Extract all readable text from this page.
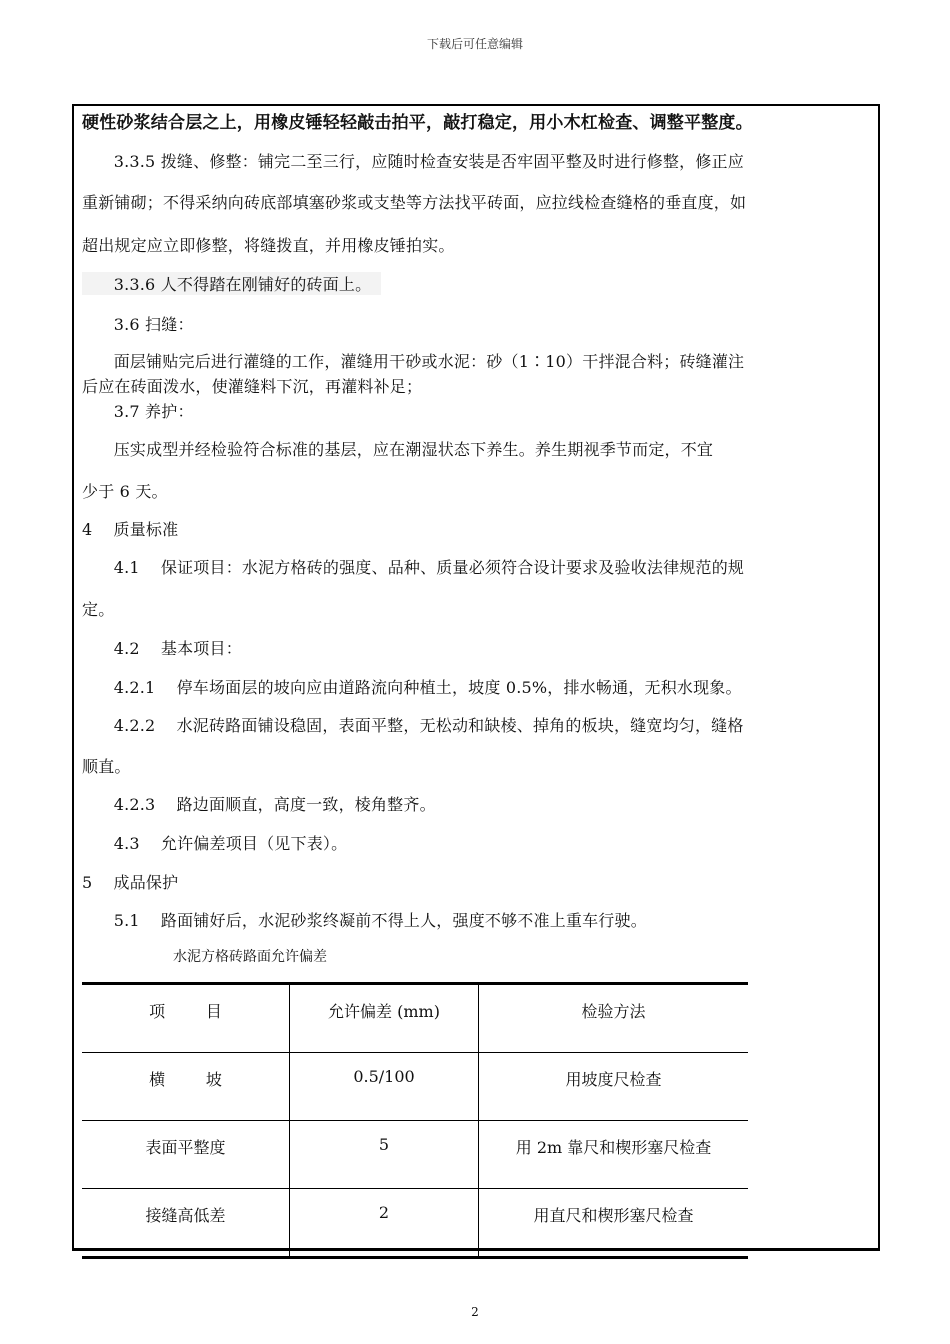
下载后可任意编辑
硬性砂浆结合层之上，用橡皮锤轻轻敲击拍平，敲打稳定，用小木杠检查、调整平整度。
3.3.5 拨缝、修整：铺完二至三行，应随时检查安装是否牢固平整及时进行修整，修正应
重新铺砌；不得采纳向砖底部填塞砂浆或支垫等方法找平砖面，应拉线检查缝格的垂直度，如
超出规定应立即修整，将缝拨直，并用橡皮锤拍实。
3.3.6 人不得踏在刚铺好的砖面上。
3.6 扫缝：
面层铺贴完后进行灌缝的工作，灌缝用干砂或水泥：砂（1∶10）干拌混合料；砖缝灌注
后应在砖面泼水，使灌缝料下沉，再灌料补足；
3.7 养护：
压实成型并经检验符合标准的基层，应在潮湿状态下养生。养生期视季节而定，不宜
少于 6 天。
4    质量标准
4.1    保证项目：水泥方格砖的强度、品种、质量必须符合设计要求及验收法律规范的规
定。
4.2    基本项目：
4.2.1    停车场面层的坡向应由道路流向种植土，坡度 0.5%，排水畅通，无积水现象。
4.2.2    水泥砖路面铺设稳固，表面平整，无松动和缺棱、掉角的板块，缝宽均匀，缝格
顺直。
4.2.3    路边面顺直，高度一致，棱角整齐。
4.3    允许偏差项目（见下表）。
5    成品保护
5.1    路面铺好后，水泥砂浆终凝前不得上人，强度不够不准上重车行驶。
水泥方格砖路面允许偏差
项        目	允许偏差 (mm)	检验方法
横        坡	0.5/100	用坡度尺检查
表面平整度	5	用 2m 靠尺和楔形塞尺检查
接缝高低差	2	用直尺和楔形塞尺检查
2
